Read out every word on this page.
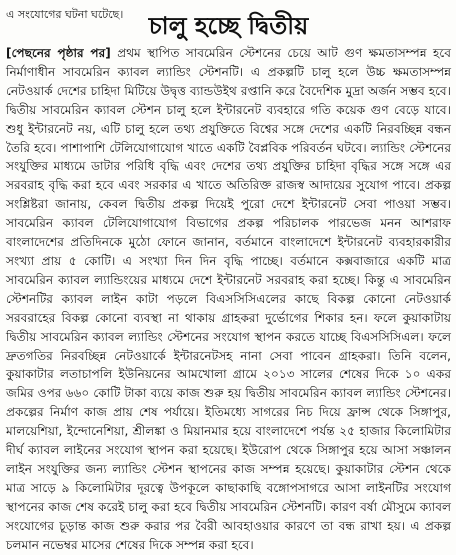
এ সংযোগের ঘটনা ঘটেছে।	চালু হচ্ছে দ্বিতীয়

[পেছনের পৃষ্ঠার পর] প্রথম স্থাপিত সাবমেরিন স্টেশনের চেয়ে আট গুণ ক্ষমতাসম্পন্ন হবে নির্মাণাধীন সাবমেরিন ক্যাবল ল্যান্ডিং স্টেশনটি। এ প্রকল্পটি চালু হলে উচ্চ ক্ষমতাসম্পন্ন নেটওয়ার্ক দেশের চাহিদা মিটিয়ে উদ্বৃত্ত ব্যান্ডউইথ রপ্তানি করে বৈদেশিক মুদ্রা অর্জন সম্ভব হবে। দ্বিতীয় সাবমেরিন ক্যাবল স্টেশন চালু হলে ইন্টারনেট ব্যবহারে গতি কয়েক গুণ বেড়ে যাবে। শুধু ইন্টারনেট নয়, এটি চালু হলে তথ্য প্রযুক্তিতে বিশ্বের সঙ্গে দেশের একটি নিরবচ্ছিন্ন বন্ধন তৈরি হবে। পাশাপাশি টেলিযোগাযোগ খাতে একটি বৈপ্লবিক পরিবর্তন ঘটবে। ল্যান্ডিং স্টেশনের সংযুক্তির মাধ্যমে ডাটার পরিধি বৃদ্ধি এবং দেশের তথ্য প্রযুক্তির চাহিদা বৃদ্ধির সঙ্গে সঙ্গে এর সরবরাহ বৃদ্ধি করা হবে এবং সরকার এ খাতে অতিরিক্ত রাজস্ব আদায়ের সুযোগ পাবে। প্রকল্প সংশ্লিষ্টরা জানায়, কেবল দ্বিতীয় প্রকল্প দিয়েই পুরো দেশে ইন্টারনেট সেবা পাওয়া সম্ভব। সাবমেরিন ক্যাবল টেলিযোগাযোগ বিভাগের প্রকল্প পরিচালক পারভেজ মনন আশরাফ বাংলাদেশের প্রতিদিনকে মুঠো ফোনে জানান, বর্তমানে বাংলাদেশে ইন্টারনেট ব্যবহারকারীর সংখ্যা প্রায় ৫ কোটি। এ সংখ্যা দিন দিন বৃদ্ধি পাচ্ছে। বর্তমানে কক্সবাজারে একটি মাত্র সাবমেরিন ক্যাবল ল্যান্ডিংয়ের মাধ্যমে দেশে ইন্টারনেট সরবরাহ করা হচ্ছে। কিন্তু এ সাবমেরিন স্টেশনটির ক্যাবল লাইন কাটা পড়লে বিএসসিসিএলের কাছে বিকল্প কোনো নেটওয়ার্ক সরবরাহের বিকল্প কোনো ব্যবস্থা না থাকায় গ্রাহকরা দুর্ভোগের শিকার হন। ফলে কুয়াকাটায় দ্বিতীয় সাবমেরিন ক্যাবল ল্যান্ডিং স্টেশনের সংযোগ স্থাপন করতে যাচ্ছে বিএসসিসিএল। ফলে দ্রুতগতির নিরবচ্ছিন্ন নেটওয়ার্কে ইন্টারনেটসহ নানা সেবা পাবেন গ্রাহকরা। তিনি বলেন, কুয়াকাটার লতাচাপলি ইউনিয়নের আমখোলা গ্রামে ২০১৩ সালের শেষের দিকে ১০ একর জমির ওপর ৬৬০ কোটি টাকা ব্যয়ে কাজ শুরু হয় দ্বিতীয় সাবমেরিন ক্যাবল ল্যান্ডিং স্টেশনের। প্রকল্পের নির্মাণ কাজ প্রায় শেষ পর্যায়ে। ইতিমধ্যে সাগরের নিচ দিয়ে ফ্রান্স থেকে সিঙ্গাপুর, মালয়েশিয়া, ইন্দোনেশিয়া, শ্রীলঙ্কা ও মিয়ানমার হয়ে বাংলাদেশে পর্যন্ত ২৫ হাজার কিলোমিটার দীর্ঘ ক্যাবল লাইনের সংযোগ স্থাপন করা হয়েছে। ইউরোপ থেকে সিঙ্গাপুর হয়ে আসা সঞ্চালন লাইন সংযুক্তির জন্য ল্যান্ডিং স্টেশন স্থাপনের কাজ সম্পন্ন হয়েছে। কুয়াকাটার স্টেশন থেকে মাত্র সাড়ে ৯ কিলোমিটার দূরত্বে উপকূলে কাছাকাছি বঙ্গোপসাগরে আসা লাইনটির সংযোগ স্থাপনের কাজ শেষ করেই চালু করা হবে দ্বিতীয় সাবমেরিন স্টেশনটি। কারণ বর্ষা মৌসুমে ক্যাবল সংযোগের চূড়ান্ত কাজ শুরু করার পর বৈরী আবহাওয়ার কারণে তা বন্ধ রাখা হয়। এ প্রকল্প চলমান নভেম্বর মাসের শেষের দিকে সম্পন্ন করা হবে।
